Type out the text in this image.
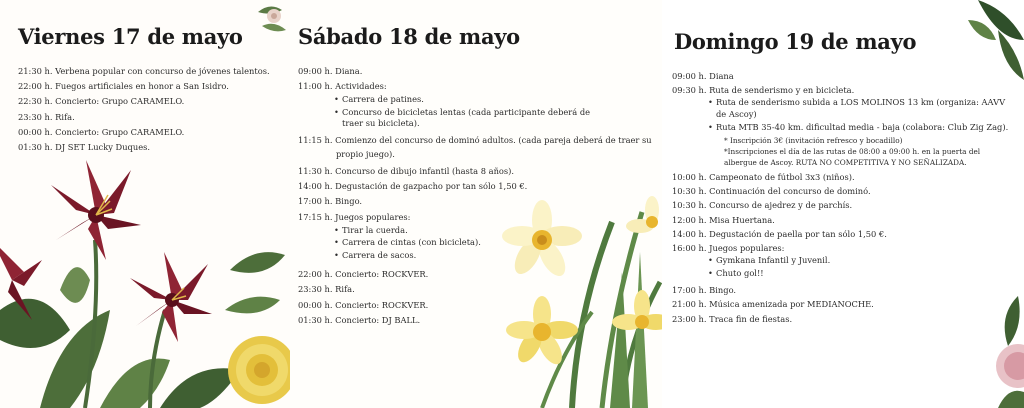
Viernes 17 de mayo
21:30 h. Verbena popular con concurso de jóvenes talentos.
22:00 h. Fuegos artificiales en honor a San Isidro.
22:30 h. Concierto: Grupo CARAMELO.
23:30 h. Rifa.
00:00 h. Concierto: Grupo CARAMELO.
01:30 h. DJ SET Lucky Duques.
Sábado 18 de mayo
09:00 h. Diana.
11:00 h. Actividades:
• Carrera de patines.
• Concurso de bicicletas lentas (cada participante deberá de traer su bicicleta).
11:15 h. Comienzo del concurso de dominó adultos. (cada pareja deberá de traer su propio juego).
11:30 h. Concurso de dibujo infantil (hasta 8 años).
14:00 h. Degustación de gazpacho por tan sólo 1,50 €.
17:00 h. Bingo.
17:15 h. Juegos populares:
• Tirar la cuerda.
• Carrera de cintas (con bicicleta).
• Carrera de sacos.
22:00 h. Concierto: ROCKVER.
23:30 h. Rifa.
00:00 h. Concierto: ROCKVER.
01:30 h. Concierto: DJ BALL.
Domingo 19 de mayo
09:00 h. Diana
09:30 h. Ruta de senderismo y en bicicleta.
• Ruta de senderismo subida a LOS MOLINOS 13 km (organiza: AAVV de Ascoy)
• Ruta MTB 35-40 km. dificultad media - baja (colabora: Club Zig Zag).
* Inscripción 3€ (invitación refresco y bocadillo)
*Inscripciones el día de las rutas de 08:00 a 09:00 h. en la puerta del albergue de Ascoy. RUTA NO COMPETITIVA Y NO SEÑALIZADA.
10:00 h. Campeonato de fútbol 3x3 (niños).
10:30 h. Continuación del concurso de dominó.
10:30 h. Concurso de ajedrez y de parchís.
12:00 h. Misa Huertana.
14:00 h. Degustación de paella por tan sólo 1,50 €.
16:00 h. Juegos populares:
• Gymkana Infantil y Juvenil.
• Chuto gol!!
17:00 h. Bingo.
21:00 h. Música amenizada por MEDIANOCHE.
23:00 h. Traca fin de fiestas.
